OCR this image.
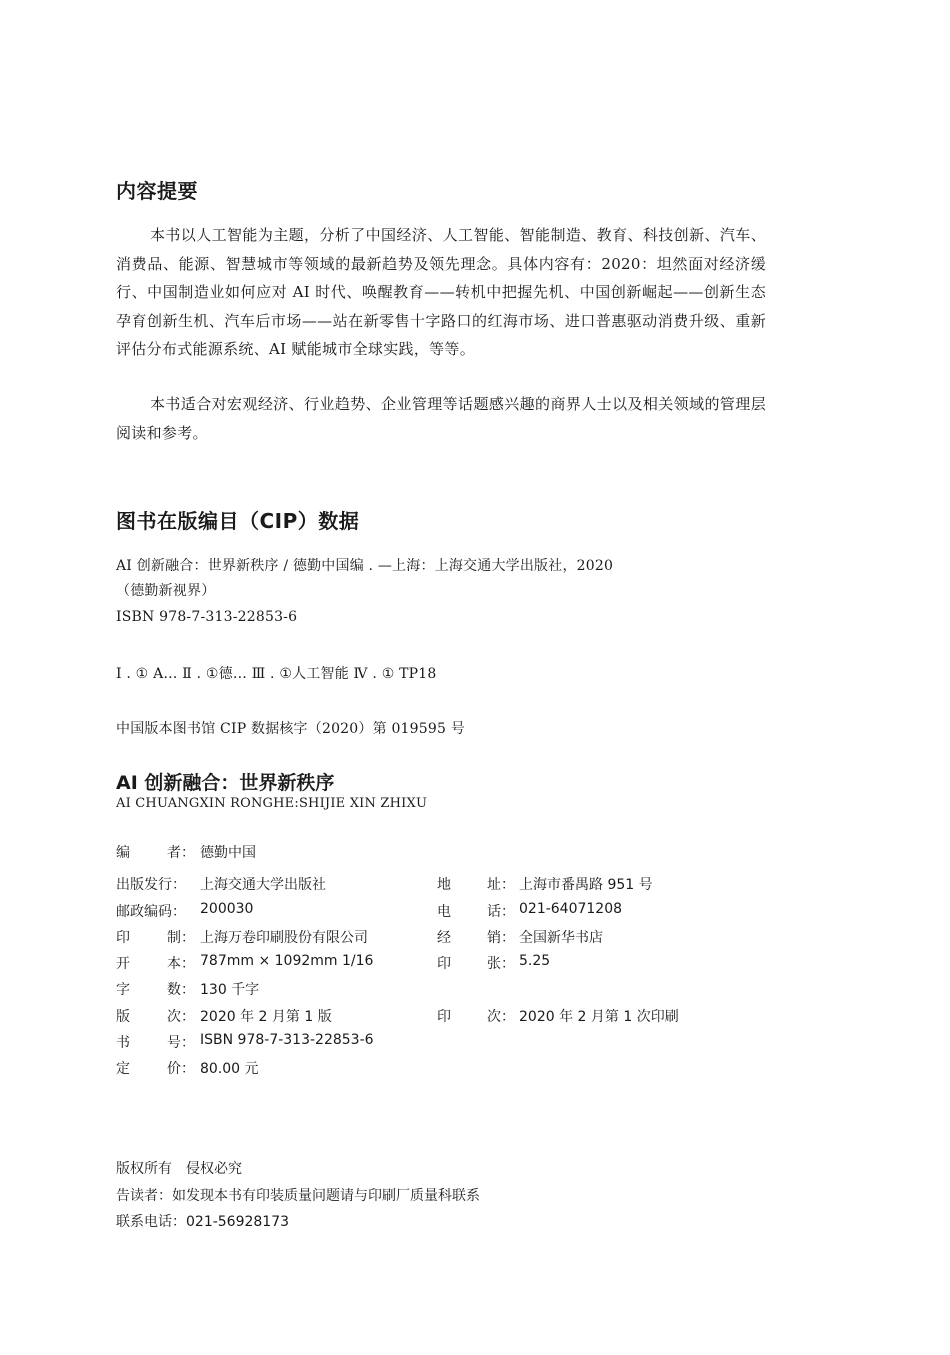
内容提要

本书以人工智能为主题，分析了中国经济、人工智能、智能制造、教育、科技创新、汽车、消费品、能源、智慧城市等领域的最新趋势及领先理念。具体内容有：2020：坦然面对经济缓行、中国制造业如何应对 AI 时代、唤醒教育——转机中把握先机、中国创新崛起——创新生态孕育创新生机、汽车后市场——站在新零售十字路口的红海市场、进口普惠驱动消费升级、重新评估分布式能源系统、AI 赋能城市全球实践，等等。

本书适合对宏观经济、行业趋势、企业管理等话题感兴趣的商界人士以及相关领域的管理层阅读和参考。

图书在版编目（CIP）数据

AI 创新融合：世界新秩序 / 德勤中国编 . —上海：上海交通大学出版社，2020

（德勤新视界）

ISBN 978-7-313-22853-6

Ⅰ . ① A… Ⅱ . ①德… Ⅲ . ①人工智能 Ⅳ . ① TP18

中国版本图书馆 CIP 数据核字（2020）第 019595 号

AI 创新融合：世界新秩序

AI CHUANGXIN RONGHE:SHIJIE XIN ZHIXU

编	者： 德勤中国
出版发行： 上海交通大学出版社	地	址： 上海市番禺路 951 号
邮政编码： 200030	电	话： 021-64071208
印	制： 上海万卷印刷股份有限公司	经	销： 全国新华书店
开	本： 787mm × 1092mm 1/16	印	张： 5.25
字	数： 130 千字
版	次： 2020 年 2 月第 1 版	印	次： 2020 年 2 月第 1 次印刷
书	号： ISBN 978-7-313-22853-6
定	价： 80.00 元
版权所有　侵权必究
告读者：如发现本书有印装质量问题请与印刷厂质量科联系
联系电话：021-56928173
